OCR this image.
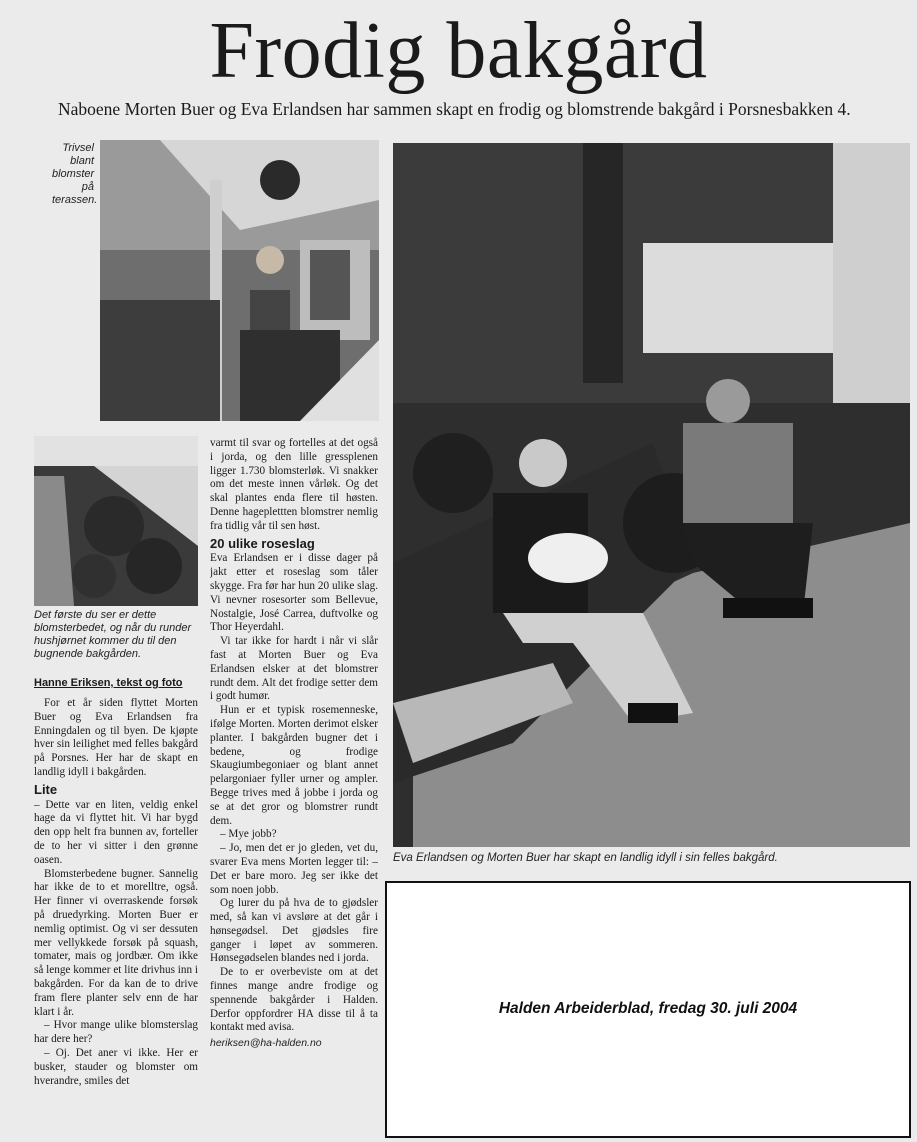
Frodig bakgård
Naboene Morten Buer og Eva Erlandsen har sammen skapt en frodig og blomstrende bakgård i Porsnesbakken 4.
Trivsel
blant
blomster
på
terassen.
Det første du ser er dette blomsterbedet, og når du runder hushjørnet kommer du til den bugnende bakgården.
Hanne Eriksen, tekst og foto

For et år siden flyttet Morten Buer og Eva Erlandsen fra Enningdalen og til byen. De kjøpte hver sin leilighet med felles bakgård på Porsnes. Her har de skapt en landlig idyll i bakgården.

Lite

– Dette var en liten, veldig enkel hage da vi flyttet hit. Vi har bygd den opp helt fra bunnen av, forteller de to her vi sitter i den grønne oasen.

Blomsterbedene bugner. Sannelig har ikke de to et morelltre, også. Her finner vi overraskende forsøk på druedyrking. Morten Buer er nemlig optimist. Og vi ser dessuten mer vellykkede forsøk på squash, tomater, mais og jordbær. Om ikke så lenge kommer et lite drivhus inn i bakgården. For da kan de to drive fram flere planter selv enn de har klart i år.

– Hvor mange ulike blomsterslag har dere her?

– Oj. Det aner vi ikke. Her er busker, stauder og blomster om hverandre, smiles det

varmt til svar og fortelles at det også i jorda, og den lille gressplenen ligger 1.730 blomsterløk. Vi snakker om det meste innen vårløk. Og det skal plantes enda flere til høsten. Denne hageplettten blomstrer nemlig fra tidlig vår til sen høst.

20 ulike roseslag

Eva Erlandsen er i disse dager på jakt etter et roseslag som tåler skygge. Fra før har hun 20 ulike slag. Vi nevner rosesorter som Bellevue, Nostalgie, José Carrea, duftvolke og Thor Heyerdahl.

Vi tar ikke for hardt i når vi slår fast at Morten Buer og Eva Erlandsen elsker at det blomstrer rundt dem. Alt det frodige setter dem i godt humør.

Hun er et typisk rosemenneske, ifølge Morten. Morten derimot elsker planter. I bakgården bugner det i bedene, og frodige Skaugiumbegoniaer og blant annet pelargoniaer fyller urner og ampler. Begge trives med å jobbe i jorda og se at det gror og blomstrer rundt dem.

– Mye jobb?

– Jo, men det er jo gleden, vet du, svarer Eva mens Morten legger til: – Det er bare moro. Jeg ser ikke det som noen jobb.

Og lurer du på hva de to gjødsler med, så kan vi avsløre at det går i hønsegødsel. Det gjødsles fire ganger i løpet av sommeren. Hønsegødselen blandes ned i jorda.

De to er overbeviste om at det finnes mange andre frodige og spennende bakgårder i Halden. Derfor oppfordrer HA disse til å ta kontakt med avisa.

heriksen@ha-halden.no

Eva Erlandsen og Morten Buer har skapt en landlig idyll i sin felles bakgård.
Halden Arbeiderblad, fredag 30. juli 2004
